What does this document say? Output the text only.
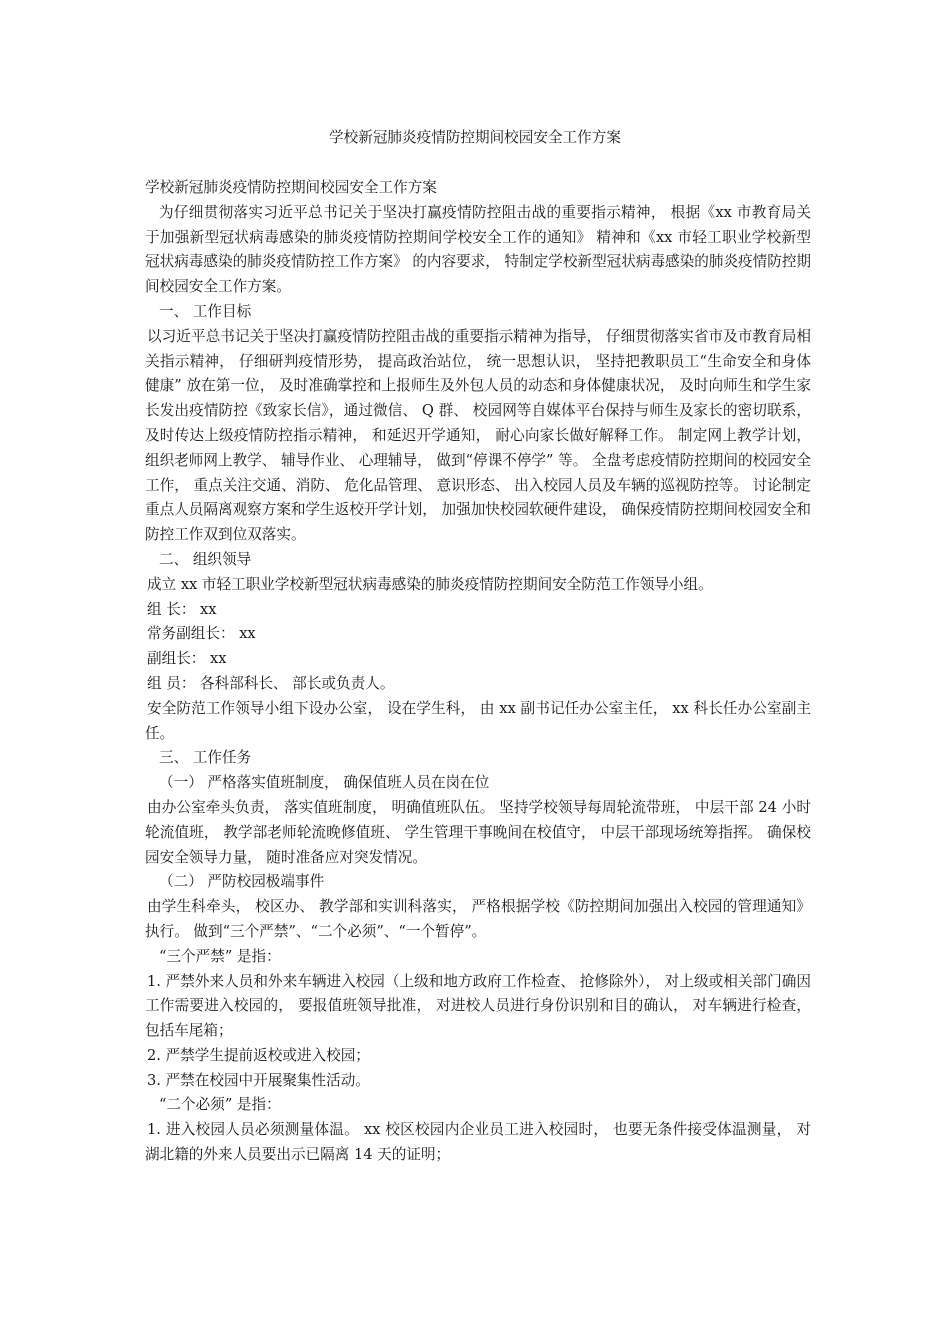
学校新冠肺炎疫情防控期间校园安全工作方案

学校新冠肺炎疫情防控期间校园安全工作方案

为仔细贯彻落实习近平总书记关于坚决打赢疫情防控阻击战的重要指示精神， 根据《xx 市教育局关于加强新型冠状病毒感染的肺炎疫情防控期间学校安全工作的通知》 精神和《xx 市轻工职业学校新型冠状病毒感染的肺炎疫情防控工作方案》 的内容要求， 特制定学校新型冠状病毒感染的肺炎疫情防控期间校园安全工作方案。

一、 工作目标

以习近平总书记关于坚决打赢疫情防控阻击战的重要指示精神为指导， 仔细贯彻落实省市及市教育局相关指示精神， 仔细研判疫情形势， 提高政治站位， 统一思想认识， 坚持把教职员工“生命安全和身体健康” 放在第一位， 及时准确掌控和上报师生及外包人员的动态和身体健康状况， 及时向师生和学生家长发出疫情防控《致家长信》，通过微信、 Q 群、 校园网等自媒体平台保持与师生及家长的密切联系，及时传达上级疫情防控指示精神， 和延迟开学通知， 耐心向家长做好解释工作。 制定网上教学计划， 组织老师网上教学、 辅导作业、 心理辅导， 做到“停课不停学” 等。 全盘考虑疫情防控期间的校园安全工作， 重点关注交通、消防、 危化品管理、 意识形态、 出入校园人员及车辆的巡视防控等。 讨论制定重点人员隔离观察方案和学生返校开学计划， 加强加快校园软硬件建设， 确保疫情防控期间校园安全和防控工作双到位双落实。

二、 组织领导

成立 xx 市轻工职业学校新型冠状病毒感染的肺炎疫情防控期间安全防范工作领导小组。

组 长： xx

常务副组长： xx

副组长： xx

组 员： 各科部科长、 部长或负责人。

安全防范工作领导小组下设办公室， 设在学生科， 由 xx 副书记任办公室主任， xx 科长任办公室副主任。

三、 工作任务

（一） 严格落实值班制度， 确保值班人员在岗在位

由办公室牵头负责， 落实值班制度， 明确值班队伍。 坚持学校领导每周轮流带班， 中层干部 24 小时轮流值班， 教学部老师轮流晚修值班、 学生管理干事晚间在校值守， 中层干部现场统筹指挥。 确保校园安全领导力量， 随时准备应对突发情况。

（二） 严防校园极端事件

由学生科牵头， 校区办、 教学部和实训科落实， 严格根据学校《防控期间加强出入校园的管理通知》 执行。 做到“三个严禁”、“二个必须”、“一个暂停”。

“三个严禁” 是指：

1. 严禁外来人员和外来车辆进入校园（上级和地方政府工作检查、 抢修除外）， 对上级或相关部门确因工作需要进入校园的， 要报值班领导批准， 对进校人员进行身份识别和目的确认， 对车辆进行检查， 包括车尾箱；

2. 严禁学生提前返校或进入校园；

3. 严禁在校园中开展聚集性活动。

“二个必须” 是指：

1. 进入校园人员必须测量体温。 xx 校区校园内企业员工进入校园时， 也要无条件接受体温测量， 对湖北籍的外来人员要出示已隔离 14 天的证明；
